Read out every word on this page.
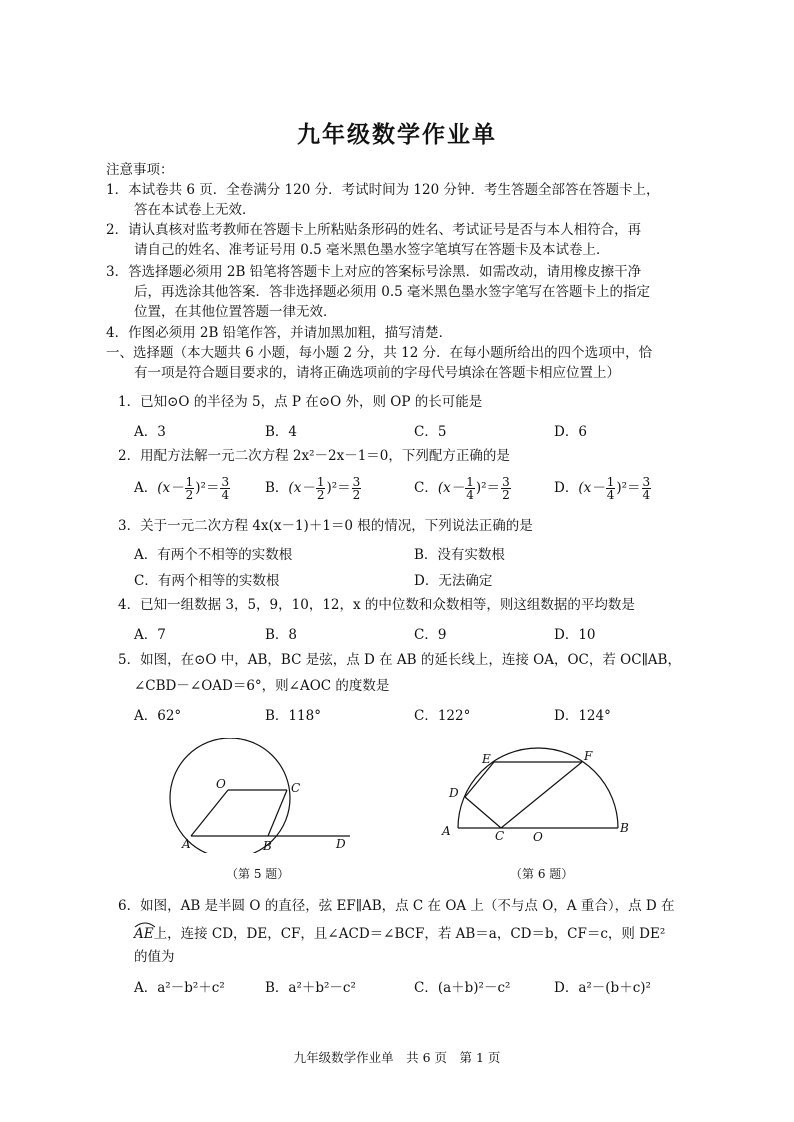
九年级数学作业单
注意事项：
1．本试卷共 6 页．全卷满分 120 分．考试时间为 120 分钟．考生答题全部答在答题卡上，
答在本试卷上无效．
2．请认真核对监考教师在答题卡上所粘贴条形码的姓名、考试证号是否与本人相符合，再
请自己的姓名、准考证号用 0.5 毫米黑色墨水签字笔填写在答题卡及本试卷上．
3．答选择题必须用 2B 铅笔将答题卡上对应的答案标号涂黑．如需改动，请用橡皮擦干净
后，再选涂其他答案．答非选择题必须用 0.5 毫米黑色墨水签字笔写在答题卡上的指定
位置，在其他位置答题一律无效．
4．作图必须用 2B 铅笔作答，并请加黑加粗，描写清楚．
一、选择题（本大题共 6 小题，每小题 2 分，共 12 分．在每小题所给出的四个选项中，恰
有一项是符合题目要求的，请将正确选项前的字母代号填涂在答题卡相应位置上）
1．已知⊙O 的半径为 5，点 P 在⊙O 外，则 OP 的长可能是
A．3	B．4	C．5	D．6
2．用配方法解一元二次方程 2x²－2x－1＝0，下列配方正确的是
A．$(x- \frac{1}{2} )^2= \frac{3}{4}$	B．$(x- \frac{1}{2} )^2= \frac{3}{2}$	C．$(x- \frac{1}{4} )^2= \frac{3}{2}$	D．$(x- \frac{1}{4} )^2= \frac{3}{4}$
3．关于一元二次方程 4x(x－1)＋1＝0 根的情况，下列说法正确的是
A．有两个不相等的实数根	B．没有实数根
C．有两个相等的实数根	D．无法确定
4．已知一组数据 3，5，9，10，12，x 的中位数和众数相等，则这组数据的平均数是
A．7	B．8	C．9	D．10
5．如图，在⊙O 中，AB，BC 是弦，点 D 在 AB 的延长线上，连接 OA，OC，若 OC∥AB，
∠CBD－∠OAD＝6°，则∠AOC 的度数是
A．62°	B．118°	C．122°	D．124°
O	C
A	B	D
（第 5 题）
E	F
D
A	C O
B
（第 6 题）
6．如图，AB 是半圆 O 的直径，弦 EF∥AB，点 C 在 OA 上（不与点 O，A 重合），点 D 在
AE上，连接 CD，DE，CF，且∠ACD＝∠BCF，若 AB＝a，CD＝b，CF＝c，则 DE²
的值为
A．a²－b²＋c²	B．a²＋b²－c²	C．(a＋b)²－c²	D．a²－(b＋c)²
九年级数学作业单　共 6 页　第 1 页
